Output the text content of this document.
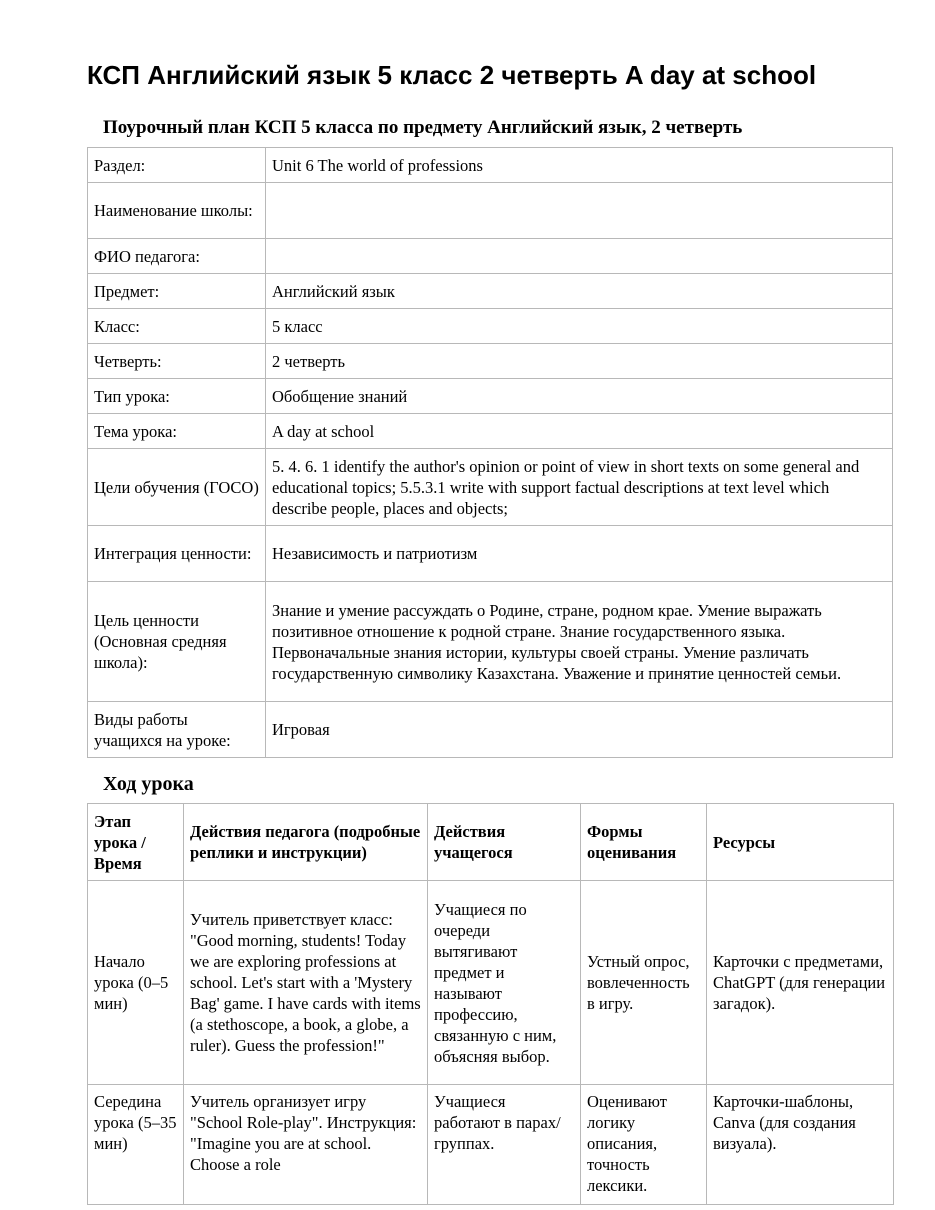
КСП Английский язык 5 класс 2 четверть A day at school
Поурочный план КСП 5 класса по предмету Английский язык, 2 четверть
Раздел:	Unit 6 The world of professions
Наименование школы:	
ФИО педагога:	
Предмет:	Английский язык
Класс:	5 класс
Четверть:	2 четверть
Тип урока:	Обобщение знаний
Тема урока:	A day at school
Цели обучения (ГОСО)	5. 4. 6. 1 identify the author's opinion or point of view in short texts on some general and educational topics; 5.5.3.1 write with support factual descriptions at text level which describe people, places and objects;
Интеграция ценности:	Независимость и патриотизм
Цель ценности (Основная средняя школа):	Знание и умение рассуждать о Родине, стране, родном крае. Умение выражать позитивное отношение к родной стране. Знание государственного языка. Первоначальные знания истории, культуры своей страны. Умение различать государственную символику Казахстана. Уважение и принятие ценностей семьи.
Виды работы учащихся на уроке:	Игровая
Ход урока
Этап урока / Время	Действия педагога (подробные реплики и инструкции)	Действия учащегося	Формы оценивания	Ресурсы
Начало урока (0–5 мин)	Учитель приветствует класс: "Good morning, students! Today we are exploring professions at school. Let's start with a 'Mystery Bag' game. I have cards with items (a stethoscope, a book, a globe, a ruler). Guess the profession!"	Учащиеся по очереди вытягивают предмет и называют профессию, связанную с ним, объясняя выбор.	Устный опрос, вовлеченность в игру.	Карточки с предметами, ChatGPT (для генерации загадок).
Середина урока (5–35 мин)	Учитель организует игру "School Role-play". Инструкция: "Imagine you are at school. Choose a role	Учащиеся работают в парах/группах.	Оценивают логику описания, точность лексики.	Карточки-шаблоны, Canva (для создания визуала).
